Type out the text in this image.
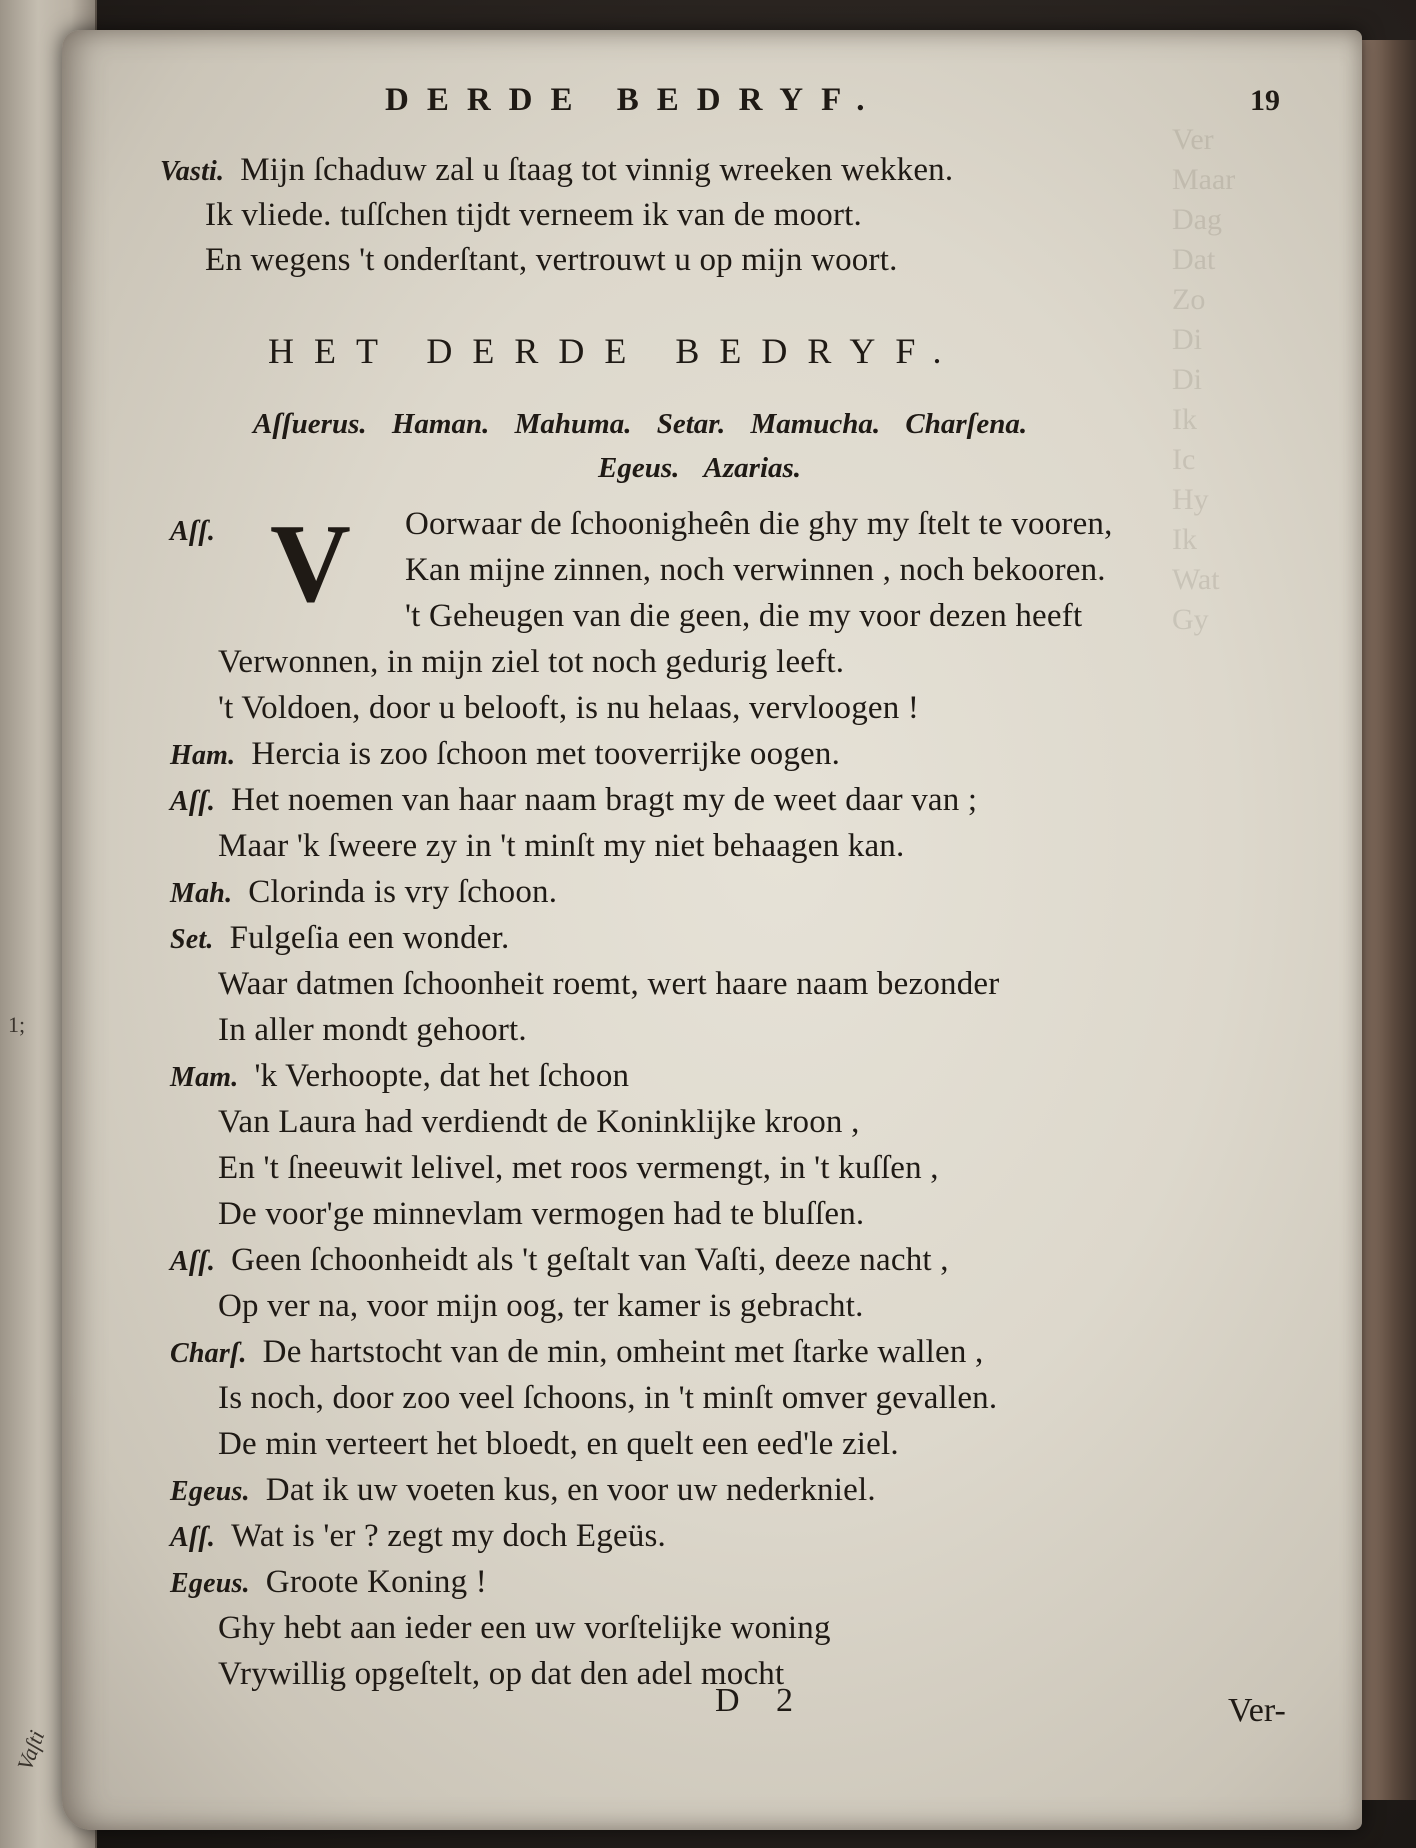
1;
Vaſti
Ver
Maar
Dag
Dat
Zo
Di
Di
Ik
Ic
Hy
Ik
Wat
Gy
DERDE BEDRYF.	19
Vasti. Mijn ſchaduw zal u ſtaag tot vinnig wreeken wekken.
Ik vliede. tuſſchen tijdt verneem ik van de moort.
En wegens 't onderſtant, vertrouwt u op mijn woort.
HET DERDE BEDRYF.
Aſſuerus. Haman. Mahuma. Setar. Mamucha. Charſena.
Egeus. Azarias.
Aſſ. V Oorwaar de ſchoonigheên die ghy my ſtelt te vooren,
Kan mijne zinnen, noch verwinnen , noch bekooren.
't Geheugen van die geen, die my voor dezen heeft
Verwonnen, in mijn ziel tot noch gedurig leeft.
't Voldoen, door u belooft, is nu helaas, vervloogen !
Ham. Hercia is zoo ſchoon met tooverrijke oogen.
Aſſ. Het noemen van haar naam bragt my de weet daar van ;
Maar 'k ſweere zy in 't minſt my niet behaagen kan.
Mah. Clorinda is vry ſchoon.
Set. Fulgeſia een wonder.
Waar datmen ſchoonheit roemt, wert haare naam bezonder
In aller mondt gehoort.
Mam. 'k Verhoopte, dat het ſchoon
Van Laura had verdiendt de Koninklijke kroon ,
En 't ſneeuwit lelivel, met roos vermengt, in 't kuſſen ,
De voor'ge minnevlam vermogen had te bluſſen.
Aſſ. Geen ſchoonheidt als 't geſtalt van Vaſti, deeze nacht ,
Op ver na, voor mijn oog, ter kamer is gebracht.
Charſ. De hartstocht van de min, omheint met ſtarke wallen ,
Is noch, door zoo veel ſchoons, in 't minſt omver gevallen.
De min verteert het bloedt, en quelt een eed'le ziel.
Egeus. Dat ik uw voeten kus, en voor uw nederkniel.
Aſſ. Wat is 'er ? zegt my doch Egeüs.
Egeus. Groote Koning !
Ghy hebt aan ieder een uw vorſtelijke woning
Vrywillig opgeſtelt, op dat den adel mocht
D 2	Ver-
